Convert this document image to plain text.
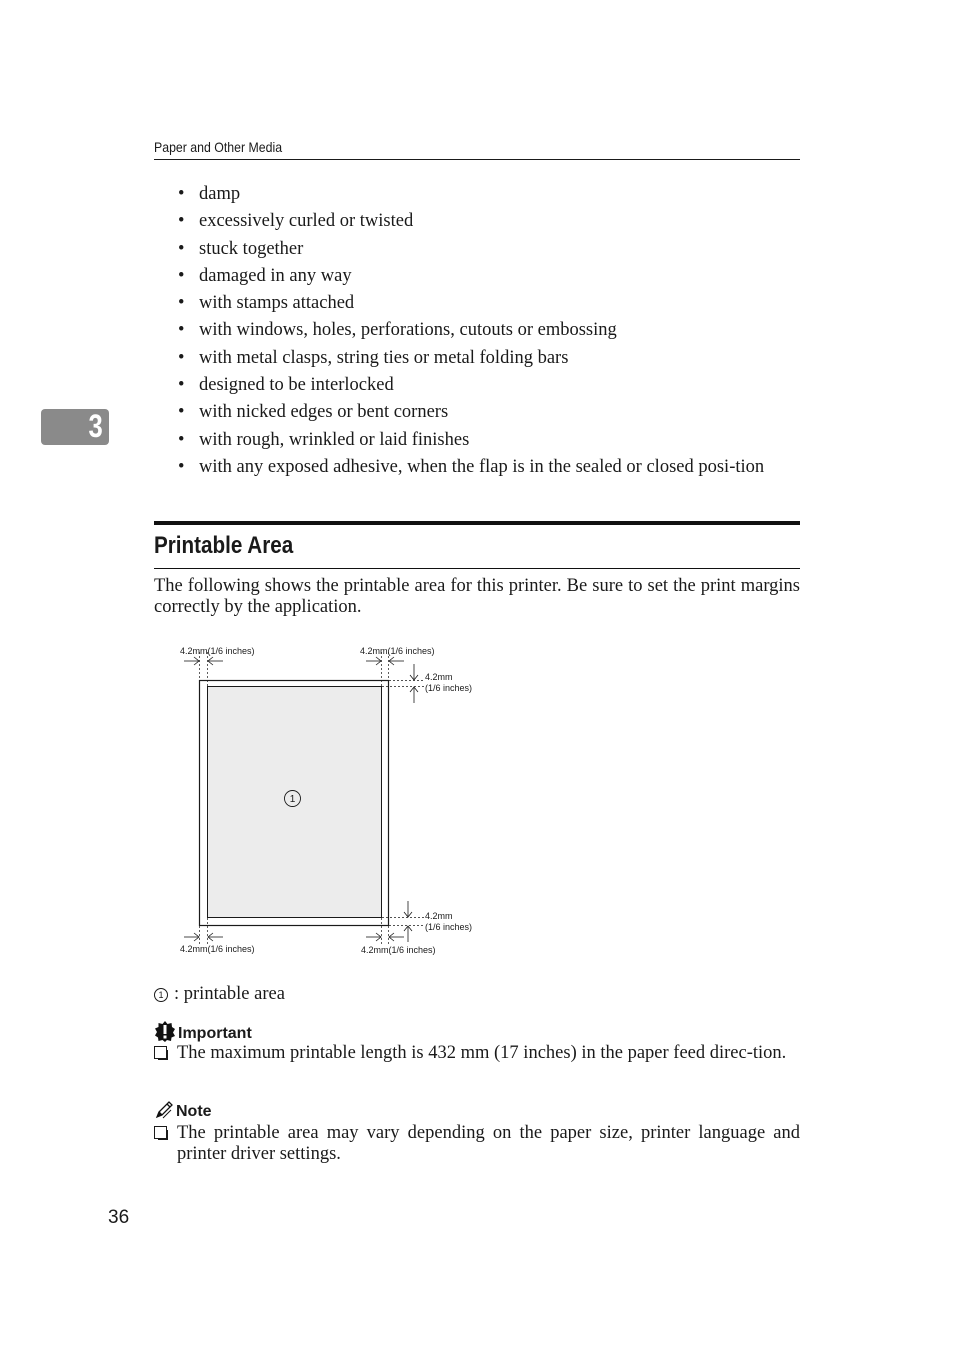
Paper and Other Media
3
• damp
• excessively curled or twisted
• stuck together
• damaged in any way
• with stamps attached
• with windows, holes, perforations, cutouts or embossing
• with metal clasps, string ties or metal folding bars
• designed to be interlocked
• with nicked edges or bent corners
• with rough, wrinkled or laid finishes
• with any exposed adhesive, when the flap is in the sealed or closed posi-tion
Printable Area

The following shows the printable area for this printer. Be sure to set the print margins correctly by the application.

1
4.2mm(1/6 inches)	4.2mm(1/6 inches)
4.2mm
(1/6 inches)
4.2mm
(1/6 inches)
4.2mm(1/6 inches)	4.2mm(1/6 inches)
1 : printable area
Important

The maximum printable length is 432 mm (17 inches) in the paper feed direc-tion.

Note

The printable area may vary depending on the paper size, printer language and printer driver settings.

36
